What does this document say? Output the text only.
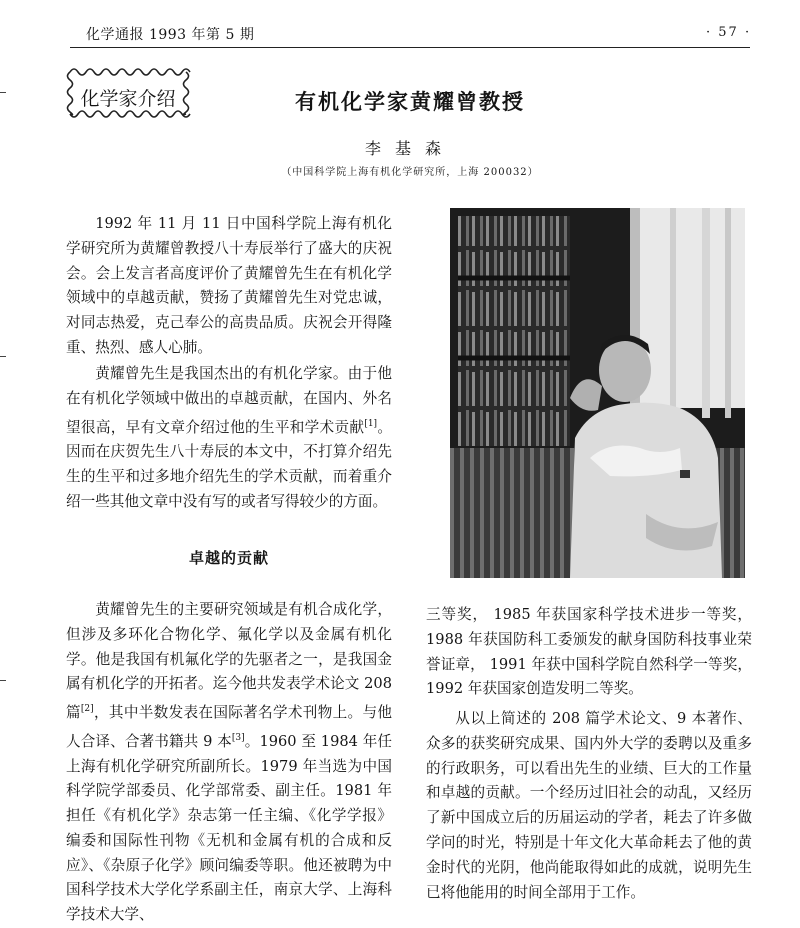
化学通报 1993 年第 5 期	· 57 ·
化学家介绍	有机化学家黄耀曾教授
李基森
（中国科学院上海有机化学研究所，上海 200032）

1992 年 11 月 11 日中国科学院上海有机化学研究所为黄耀曾教授八十寿辰举行了盛大的庆祝会。会上发言者高度评价了黄耀曾先生在有机化学领域中的卓越贡献，赞扬了黄耀曾先生对党忠诚，对同志热爱，克己奉公的高贵品质。庆祝会开得隆重、热烈、感人心肺。

黄耀曾先生是我国杰出的有机化学家。由于他在有机化学领域中做出的卓越贡献，在国内、外名望很高，早有文章介绍过他的生平和学术贡献[1]。因而在庆贺先生八十寿辰的本文中，不打算介绍先生的生平和过多地介绍先生的学术贡献，而着重介绍一些其他文章中没有写的或者写得较少的方面。

卓越的贡献

黄耀曾先生的主要研究领域是有机合成化学，但涉及多环化合物化学、氟化学以及金属有机化学。他是我国有机氟化学的先驱者之一，是我国金属有机化学的开拓者。迄今他共发表学术论文 208 篇[2]，其中半数发表在国际著名学术刊物上。与他人合译、合著书籍共 9 本[3]。1960 至 1984 年任上海有机化学研究所副所长。1979 年当选为中国科学院学部委员、化学部常委、副主任。1981 年担任《有机化学》杂志第一任主编、《化学学报》编委和国际性刊物《无机和金属有机的合成和反应》、《杂原子化学》顾问编委等职。他还被聘为中国科学技术大学化学系副主任，南京大学、上海科学技术大学、

三等奖， 1985 年获国家科学技术进步一等奖， 1988 年获国防科工委颁发的献身国防科技事业荣誉证章， 1991 年获中国科学院自然科学一等奖， 1992 年获国家创造发明二等奖。

从以上简述的 208 篇学术论文、9 本著作、众多的获奖研究成果、国内外大学的委聘以及重多的行政职务，可以看出先生的业绩、巨大的工作量和卓越的贡献。一个经历过旧社会的动乱，又经历了新中国成立后的历届运动的学者，耗去了许多做学问的时光，特别是十年文化大革命耗去了他的黄金时代的光阴，他尚能取得如此的成就，说明先生已将他能用的时间全部用于工作。
